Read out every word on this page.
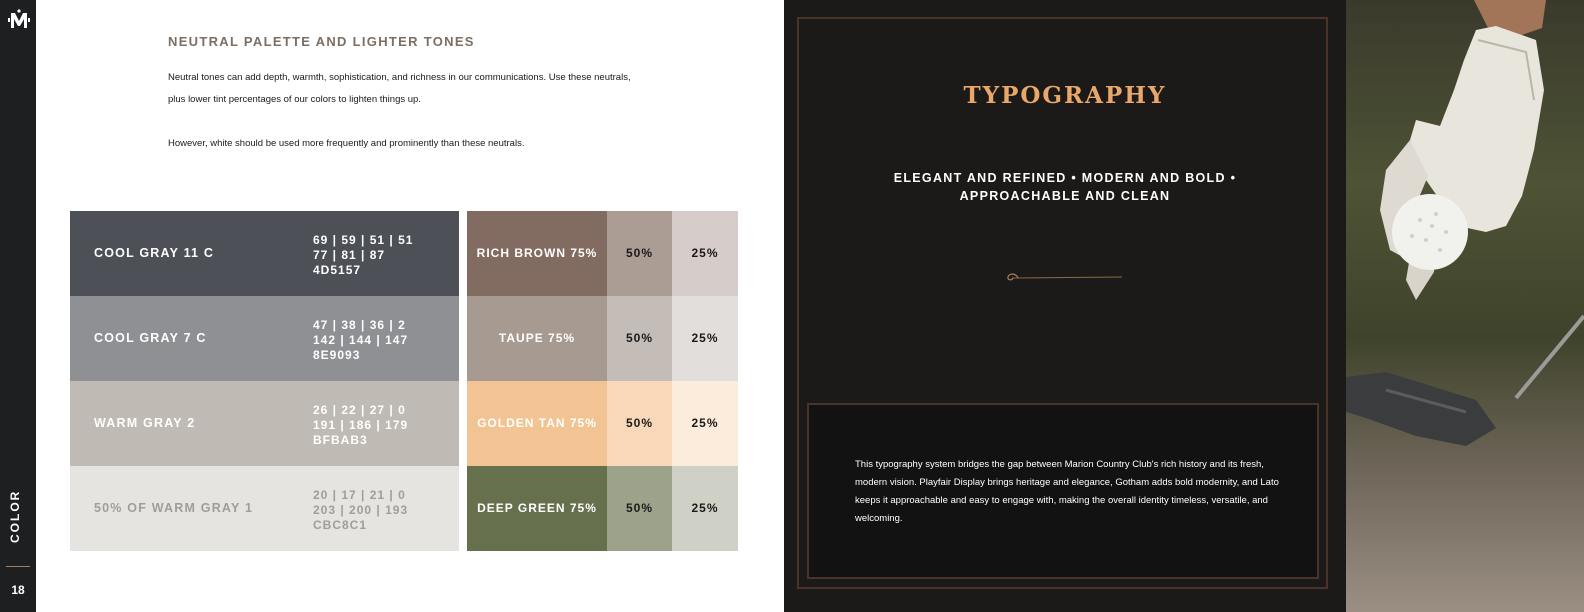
COLOR
18
NEUTRAL PALETTE AND LIGHTER TONES

Neutral tones can add depth, warmth, sophistication, and richness in our communications. Use these neutrals, plus lower tint percentages of our colors to lighten things up.

However, white should be used more frequently and prominently than these neutrals.

COOL GRAY 11 C
69 | 59 | 51 | 51
77 | 81 | 87
4D5157
COOL GRAY 7 C
47 | 38 | 36 | 2
142 | 144 | 147
8E9093
WARM GRAY 2
26 | 22 | 27 | 0
191 | 186 | 179
BFBAB3
50% OF WARM GRAY 1
20 | 17 | 21 | 0
203 | 200 | 193
CBC8C1
RICH BROWN 75%	50%	25%
TAUPE 75%	50%	25%
GOLDEN TAN 75%	50%	25%
DEEP GREEN 75%	50%	25%
TYPOGRAPHY
ELEGANT AND REFINED • MODERN AND BOLD • APPROACHABLE AND CLEAN

This typography system bridges the gap between Marion Country Club's rich history and its fresh, modern vision. Playfair Display brings heritage and elegance, Gotham adds bold modernity, and Lato keeps it approachable and easy to engage with, making the overall identity timeless, versatile, and welcoming.
